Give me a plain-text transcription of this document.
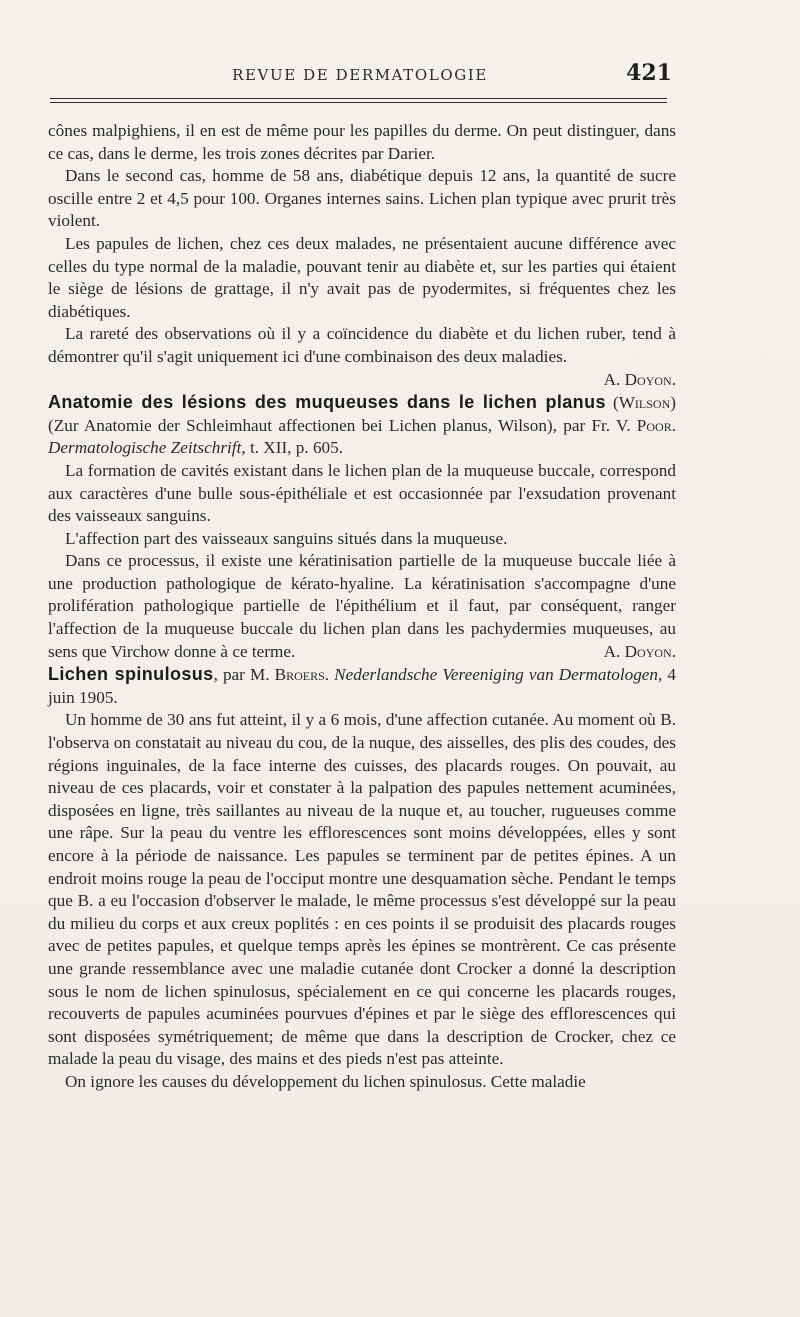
REVUE DE DERMATOLOGIE	421

cônes malpighiens, il en est de même pour les papilles du derme. On peut distinguer, dans ce cas, dans le derme, les trois zones décrites par Darier.

Dans le second cas, homme de 58 ans, diabétique depuis 12 ans, la quantité de sucre oscille entre 2 et 4,5 pour 100. Organes internes sains. Lichen plan typique avec prurit très violent.

Les papules de lichen, chez ces deux malades, ne présentaient aucune différence avec celles du type normal de la maladie, pouvant tenir au diabète et, sur les parties qui étaient le siège de lésions de grattage, il n'y avait pas de pyodermites, si fréquentes chez les diabétiques.

La rareté des observations où il y a coïncidence du diabète et du lichen ruber, tend à démontrer qu'il s'agit uniquement ici d'une combinaison des deux maladies.
A. Doyon.

Anatomie des lésions des muqueuses dans le lichen planus (Wilson) (Zur Anatomie der Schleimhaut affectionen bei Lichen planus, Wilson), par Fr. V. Poor. Dermatologische Zeitschrift, t. XII, p. 605.

La formation de cavités existant dans le lichen plan de la muqueuse buccale, correspond aux caractères d'une bulle sous-épithéliale et est occasionnée par l'exsudation provenant des vaisseaux sanguins.

L'affection part des vaisseaux sanguins situés dans la muqueuse.

Dans ce processus, il existe une kératinisation partielle de la muqueuse buccale liée à une production pathologique de kérato-hyaline. La kératinisation s'accompagne d'une prolifération pathologique partielle de l'épithélium et il faut, par conséquent, ranger l'affection de la muqueuse buccale du lichen plan dans les pachydermies muqueuses, au sens que Virchow donne à ce terme.	A. Doyon.

Lichen spinulosus, par M. Broers. Nederlandsche Vereeniging van Dermatologen, 4 juin 1905.

Un homme de 30 ans fut atteint, il y a 6 mois, d'une affection cutanée. Au moment où B. l'observa on constatait au niveau du cou, de la nuque, des aisselles, des plis des coudes, des régions inguinales, de la face interne des cuisses, des placards rouges. On pouvait, au niveau de ces placards, voir et constater à la palpation des papules nettement acuminées, disposées en ligne, très saillantes au niveau de la nuque et, au toucher, rugueuses comme une râpe. Sur la peau du ventre les efflorescences sont moins développées, elles y sont encore à la période de naissance. Les papules se terminent par de petites épines. A un endroit moins rouge la peau de l'occiput montre une desquamation sèche. Pendant le temps que B. a eu l'occasion d'observer le malade, le même processus s'est développé sur la peau du milieu du corps et aux creux poplités : en ces points il se produisit des placards rouges avec de petites papules, et quelque temps après les épines se montrèrent. Ce cas présente une grande ressemblance avec une maladie cutanée dont Crocker a donné la description sous le nom de lichen spinulosus, spécialement en ce qui concerne les placards rouges, recouverts de papules acuminées pourvues d'épines et par le siège des efflorescences qui sont disposées symétriquement; de même que dans la description de Crocker, chez ce malade la peau du visage, des mains et des pieds n'est pas atteinte.

On ignore les causes du développement du lichen spinulosus. Cette maladie
